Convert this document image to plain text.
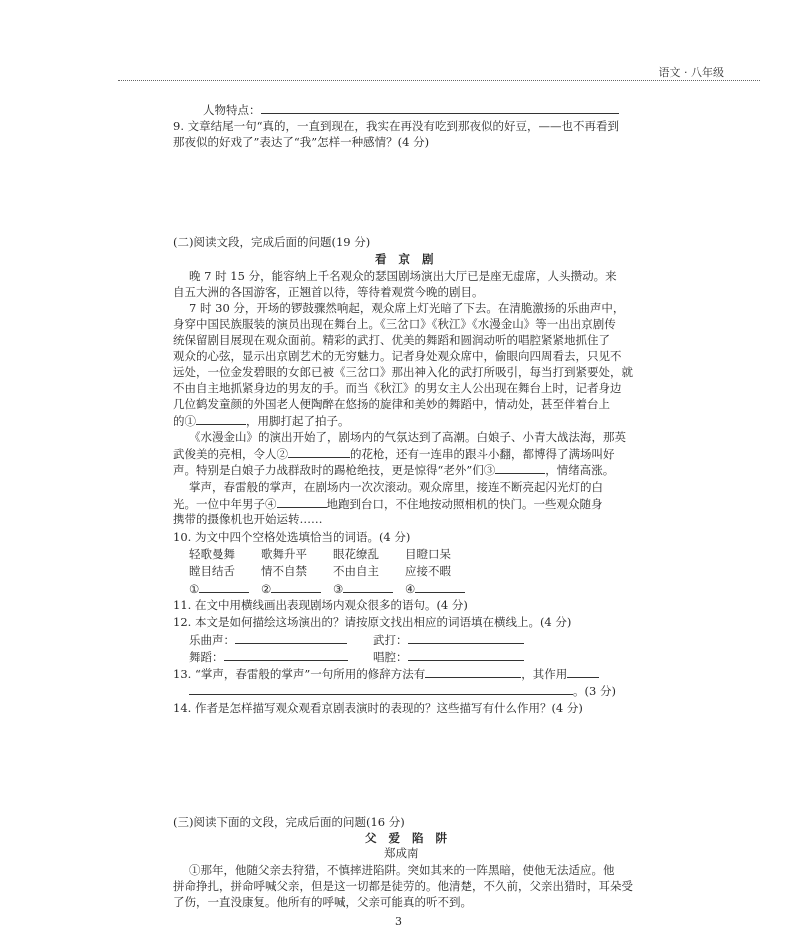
语文 · 八年级
人物特点：
9. 文章结尾一句“真的，一直到现在，我实在再没有吃到那夜似的好豆，——也不再看到
那夜似的好戏了”表达了“我”怎样一种感情？(4 分)
(二)阅读文段，完成后面的问题(19 分)
看 京 剧
晚 7 时 15 分，能容纳上千名观众的瑟国剧场演出大厅已是座无虚席，人头攒动。来
自五大洲的各国游客，正翘首以待，等待着观赏今晚的剧目。
7 时 30 分，开场的锣鼓骤然响起，观众席上灯光暗了下去。在清脆激扬的乐曲声中，
身穿中国民族服装的演员出现在舞台上。《三岔口》《秋江》《水漫金山》等一出出京剧传
统保留剧目展现在观众面前。精彩的武打、优美的舞蹈和圆润动听的唱腔紧紧地抓住了
观众的心弦，显示出京剧艺术的无穷魅力。记者身处观众席中，偷眼向四周看去，只见不
远处，一位金发碧眼的女郎已被《三岔口》那出神入化的武打所吸引，每当打到紧要处，就
不由自主地抓紧身边的男友的手。而当《秋江》的男女主人公出现在舞台上时，记者身边
几位鹤发童颜的外国老人便陶醉在悠扬的旋律和美妙的舞蹈中，情动处，甚至伴着台上
的①	，用脚打起了拍子。
《水漫金山》的演出开始了，剧场内的气氛达到了高潮。白娘子、小青大战法海，那英
武俊美的亮相，令人②	的花枪，还有一连串的跟斗小翻，都博得了满场叫好
声。特别是白娘子力战群敌时的踢枪绝技，更是惊得“老外”们③	，情绪高涨。
掌声，春雷般的掌声，在剧场内一次次滚动。观众席里，接连不断亮起闪光灯的白
光。一位中年男子④	地跑到台口，不住地按动照相机的快门。一些观众随身
携带的摄像机也开始运转……
10. 为文中四个空格处选填恰当的词语。(4 分)
轻歌曼舞 歌舞升平 眼花缭乱 目瞪口呆
瞠目结舌 情不自禁 不由自主 应接不暇
①	②	③	④
11. 在文中用横线画出表现剧场内观众很多的语句。(4 分)
12. 本文是如何描绘这场演出的？请按原文找出相应的词语填在横线上。(4 分)
乐曲声：	武打：
舞蹈：	唱腔：
13. “掌声，春雷般的掌声”一句所用的修辞方法有	，其作用
。(3 分)
14. 作者是怎样描写观众观看京剧表演时的表现的？这些描写有什么作用？(4 分)
(三)阅读下面的文段，完成后面的问题(16 分)
父 爱 陷 阱
郑成南
①那年，他随父亲去狩猎，不慎摔进陷阱。突如其来的一阵黑暗，使他无法适应。他
拼命挣扎，拼命呼喊父亲，但是这一切都是徒劳的。他清楚，不久前，父亲出猎时，耳朵受
了伤，一直没康复。他所有的呼喊，父亲可能真的听不到。
3
